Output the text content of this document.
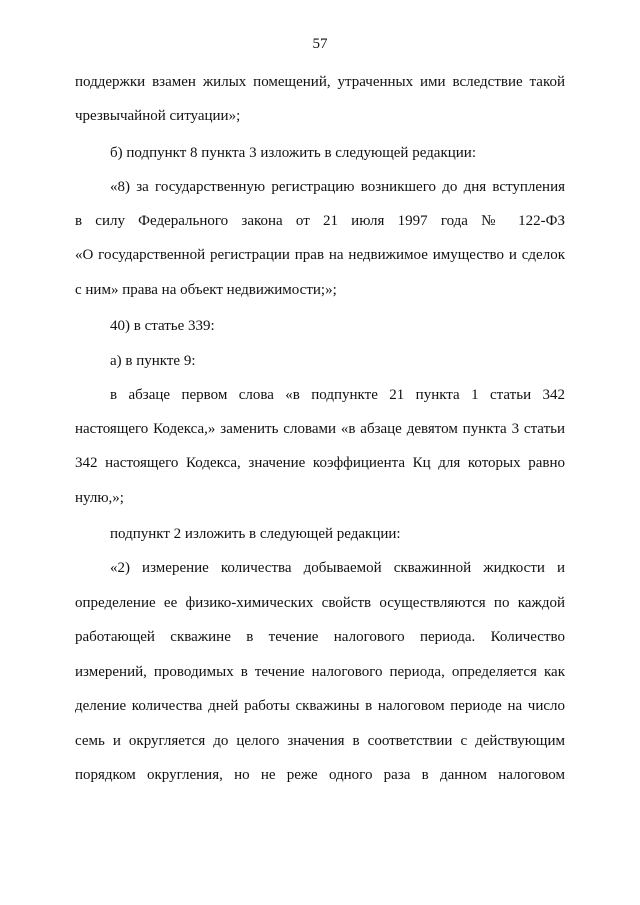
57
поддержки взамен жилых помещений, утраченных ими вследствие такой
чрезвычайной ситуации»;
б) подпункт 8 пункта 3 изложить в следующей редакции:
«8) за государственную регистрацию возникшего до дня вступления
в силу Федерального закона от 21 июля 1997 года № 122-ФЗ
«О государственной регистрации прав на недвижимое имущество и сделок
с ним» права на объект недвижимости;»;
40) в статье 339:
а) в пункте 9:
в абзаце первом слова «в подпункте 21 пункта 1 статьи 342
настоящего Кодекса,» заменить словами «в абзаце девятом пункта 3 статьи
342 настоящего Кодекса, значение коэффициента Кц для которых равно
нулю,»;
подпункт 2 изложить в следующей редакции:
«2) измерение количества добываемой скважинной жидкости и
определение ее физико-химических свойств осуществляются по каждой
работающей скважине в течение налогового периода. Количество
измерений, проводимых в течение налогового периода, определяется как
деление количества дней работы скважины в налоговом периоде на число
семь и округляется до целого значения в соответствии с действующим
порядком округления, но не реже одного раза в данном налоговом
